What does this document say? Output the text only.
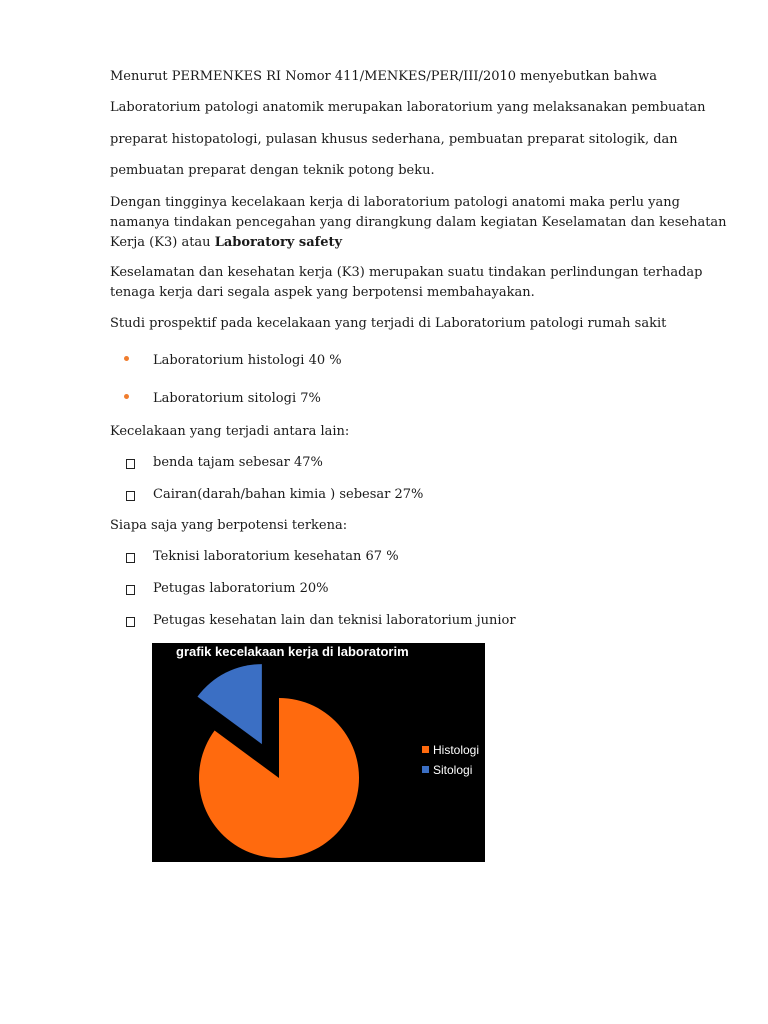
Menurut PERMENKES RI Nomor 411/MENKES/PER/III/2010 menyebutkan bahwa
Laboratorium patologi anatomik merupakan laboratorium yang melaksanakan pembuatan
preparat histopatologi, pulasan khusus sederhana, pembuatan preparat sitologik, dan
pembuatan preparat dengan teknik potong beku.
Dengan tingginya kecelakaan kerja di laboratorium patologi anatomi maka perlu yang
namanya tindakan pencegahan yang dirangkung dalam kegiatan Keselamatan dan kesehatan
Kerja (K3) atau Laboratory safety
Keselamatan dan kesehatan kerja (K3) merupakan suatu tindakan perlindungan terhadap
tenaga kerja dari segala aspek yang berpotensi membahayakan.
Studi prospektif pada kecelakaan yang terjadi di Laboratorium patologi rumah sakit
Laboratorium histologi 40 %
Laboratorium sitologi 7%
Kecelakaan yang terjadi antara lain:
benda tajam sebesar 47%
Cairan(darah/bahan kimia ) sebesar 27%
Siapa saja yang berpotensi terkena:
Teknisi laboratorium kesehatan 67 %
Petugas laboratorium 20%
Petugas kesehatan lain dan teknisi laboratorium junior
grafik kecelakaan kerja di laboratorim
Histologi
Sitologi
